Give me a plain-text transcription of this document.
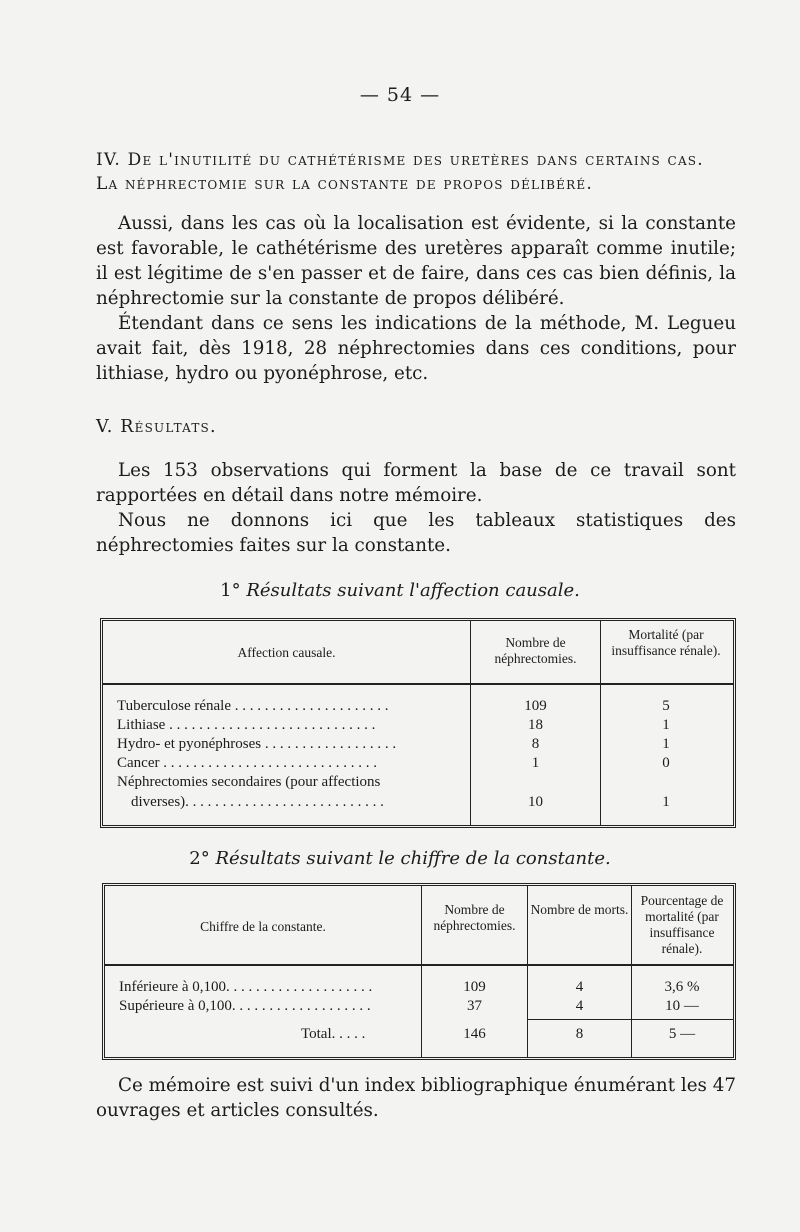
— 54 —
IV. De l'inutilité du cathétérisme des uretères dans certains cas.
La néphrectomie sur la constante de propos délibéré.
Aussi, dans les cas où la localisation est évidente, si la constante est favorable, le cathétérisme des uretères apparaît comme inutile; il est légitime de s'en passer et de faire, dans ces cas bien définis, la néphrectomie sur la constante de propos délibéré.
Étendant dans ce sens les indications de la méthode, M. Legueu avait fait, dès 1918, 28 néphrectomies dans ces conditions, pour lithiase, hydro ou pyonéphrose, etc.
V. Résultats.
Les 153 observations qui forment la base de ce travail sont rapportées en détail dans notre mémoire.
Nous ne donnons ici que les tableaux statistiques des néphrectomies faites sur la constante.
1° Résultats suivant l'affection causale.
Affection causale.
Nombre de néphrectomies.
Mortalité (par insuffisance rénale).
Tuberculose rénale . . . . . . . . . . . . . . . . . . . . .	109	5
Lithiase . . . . . . . . . . . . . . . . . . . . . . . . . . . .	18	1
Hydro- et pyonéphroses . . . . . . . . . . . . . . . . . .	8	1
Cancer . . . . . . . . . . . . . . . . . . . . . . . . . . . . .	1	0
Néphrectomies secondaires (pour affections
diverses). . . . . . . . . . . . . . . . . . . . . . . . . . .	10	1
2° Résultats suivant le chiffre de la constante.
Chiffre de la constante.
Nombre de néphrectomies.
Nombre de morts.
Pourcentage de mortalité (par insuffisance rénale).
Inférieure à 0,100. . . . . . . . . . . . . . . . . . . .	109	4	3,6 %
Supérieure à 0,100. . . . . . . . . . . . . . . . . . .	37	4	10 —
Total. . . . .	146	8	5 —
Ce mémoire est suivi d'un index bibliographique énumérant les 47 ouvrages et articles consultés.
